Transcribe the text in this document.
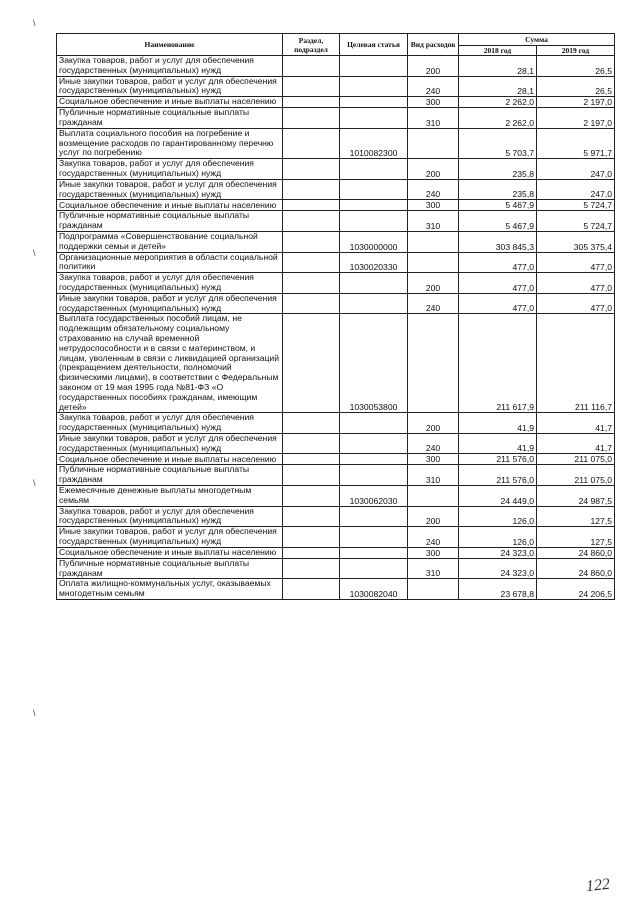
\
\
\
\
Наименование	Раздел, подраздел	Целевая статья	Вид расходов	Сумма	
				2018 год	2019 год
Закупка товаров, работ и услуг для обеспечения государственных (муниципальных) нужд			200	28,1	26,5
Иные закупки товаров, работ и услуг для обеспечения государственных (муниципальных) нужд			240	28,1	26,5
Социальное обеспечение и иные выплаты населению			300	2 262,0	2 197,0
Публичные нормативные социальные выплаты гражданам			310	2 262,0	2 197,0
Выплата социального пособия на погребение и возмещение расходов по гарантированному перечню услуг по погребению		1010082300		5 703,7	5 971,7
Закупка товаров, работ и услуг для обеспечения государственных (муниципальных) нужд			200	235,8	247,0
Иные закупки товаров, работ и услуг для обеспечения государственных (муниципальных) нужд			240	235,8	247,0
Социальное обеспечение и иные выплаты населению			300	5 467,9	5 724,7
Публичные нормативные социальные выплаты гражданам			310	5 467,9	5 724,7
Подпрограмма «Совершенствование социальной поддержки семьи и детей»		1030000000		303 845,3	305 375,4
Организационные мероприятия в области социальной политики		1030020330		477,0	477,0
Закупка товаров, работ и услуг для обеспечения государственных (муниципальных) нужд			200	477,0	477,0
Иные закупки товаров, работ и услуг для обеспечения государственных (муниципальных) нужд			240	477,0	477,0
Выплата государственных пособий лицам, не подлежащим обязательному социальному страхованию на случай временной нетрудоспособности и в связи с материнством, и лицам, уволенным в связи с ликвидацией организаций (прекращением деятельности, полномочий физическими лицами), в соответствии с Федеральным законом от 19 мая 1995 года №81-ФЗ «О государственных пособиях гражданам, имеющим детей»		1030053800		211 617,9	211 116,7
Закупка товаров, работ и услуг для обеспечения государственных (муниципальных) нужд			200	41,9	41,7
Иные закупки товаров, работ и услуг для обеспечения государственных (муниципальных) нужд			240	41,9	41,7
Социальное обеспечение и иные выплаты населению			300	211 576,0	211 075,0
Публичные нормативные социальные выплаты гражданам			310	211 576,0	211 075,0
Ежемесячные денежные выплаты многодетным семьям		1030062030		24 449,0	24 987,5
Закупка товаров, работ и услуг для обеспечения государственных (муниципальных) нужд			200	126,0	127,5
Иные закупки товаров, работ и услуг для обеспечения государственных (муниципальных) нужд			240	126,0	127,5
Социальное обеспечение и иные выплаты населению			300	24 323,0	24 860,0
Публичные нормативные социальные выплаты гражданам			310	24 323,0	24 860,0
Оплата жилищно-коммунальных услуг, оказываемых многодетным семьям		1030082040		23 678,8	24 206,5
122
